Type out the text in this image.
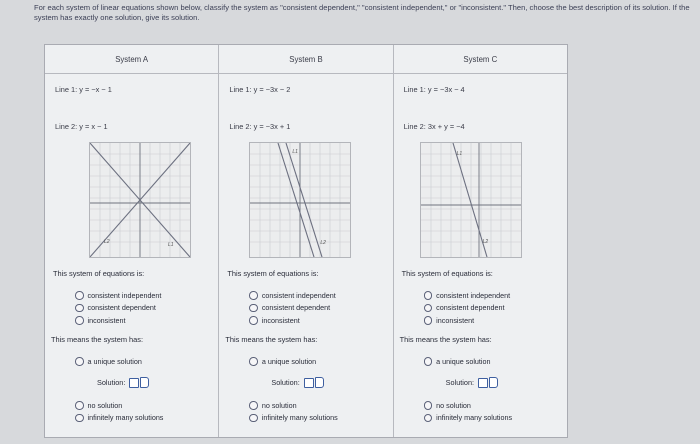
For each system of linear equations shown below, classify the system as "consistent dependent," "consistent independent," or "inconsistent." Then, choose the best description of its solution. If the system has exactly one solution, give its solution.
System A
Line 1: y = −x − 1
Line 2: y = x − 1
L2	L1
This system of equations is:
consistent independent
consistent dependent
inconsistent
This means the system has:
a unique solution
Solution:
no solution
infinitely many solutions
System B
Line 1: y = −3x − 2
Line 2: y = −3x + 1
L1
L2
This system of equations is:
consistent independent
consistent dependent
inconsistent
This means the system has:
a unique solution
Solution:
no solution
infinitely many solutions
System C
Line 1: y = −3x − 4
Line 2: 3x + y = −4
L1
L2
This system of equations is:
consistent independent
consistent dependent
inconsistent
This means the system has:
a unique solution
Solution:
no solution
infinitely many solutions
